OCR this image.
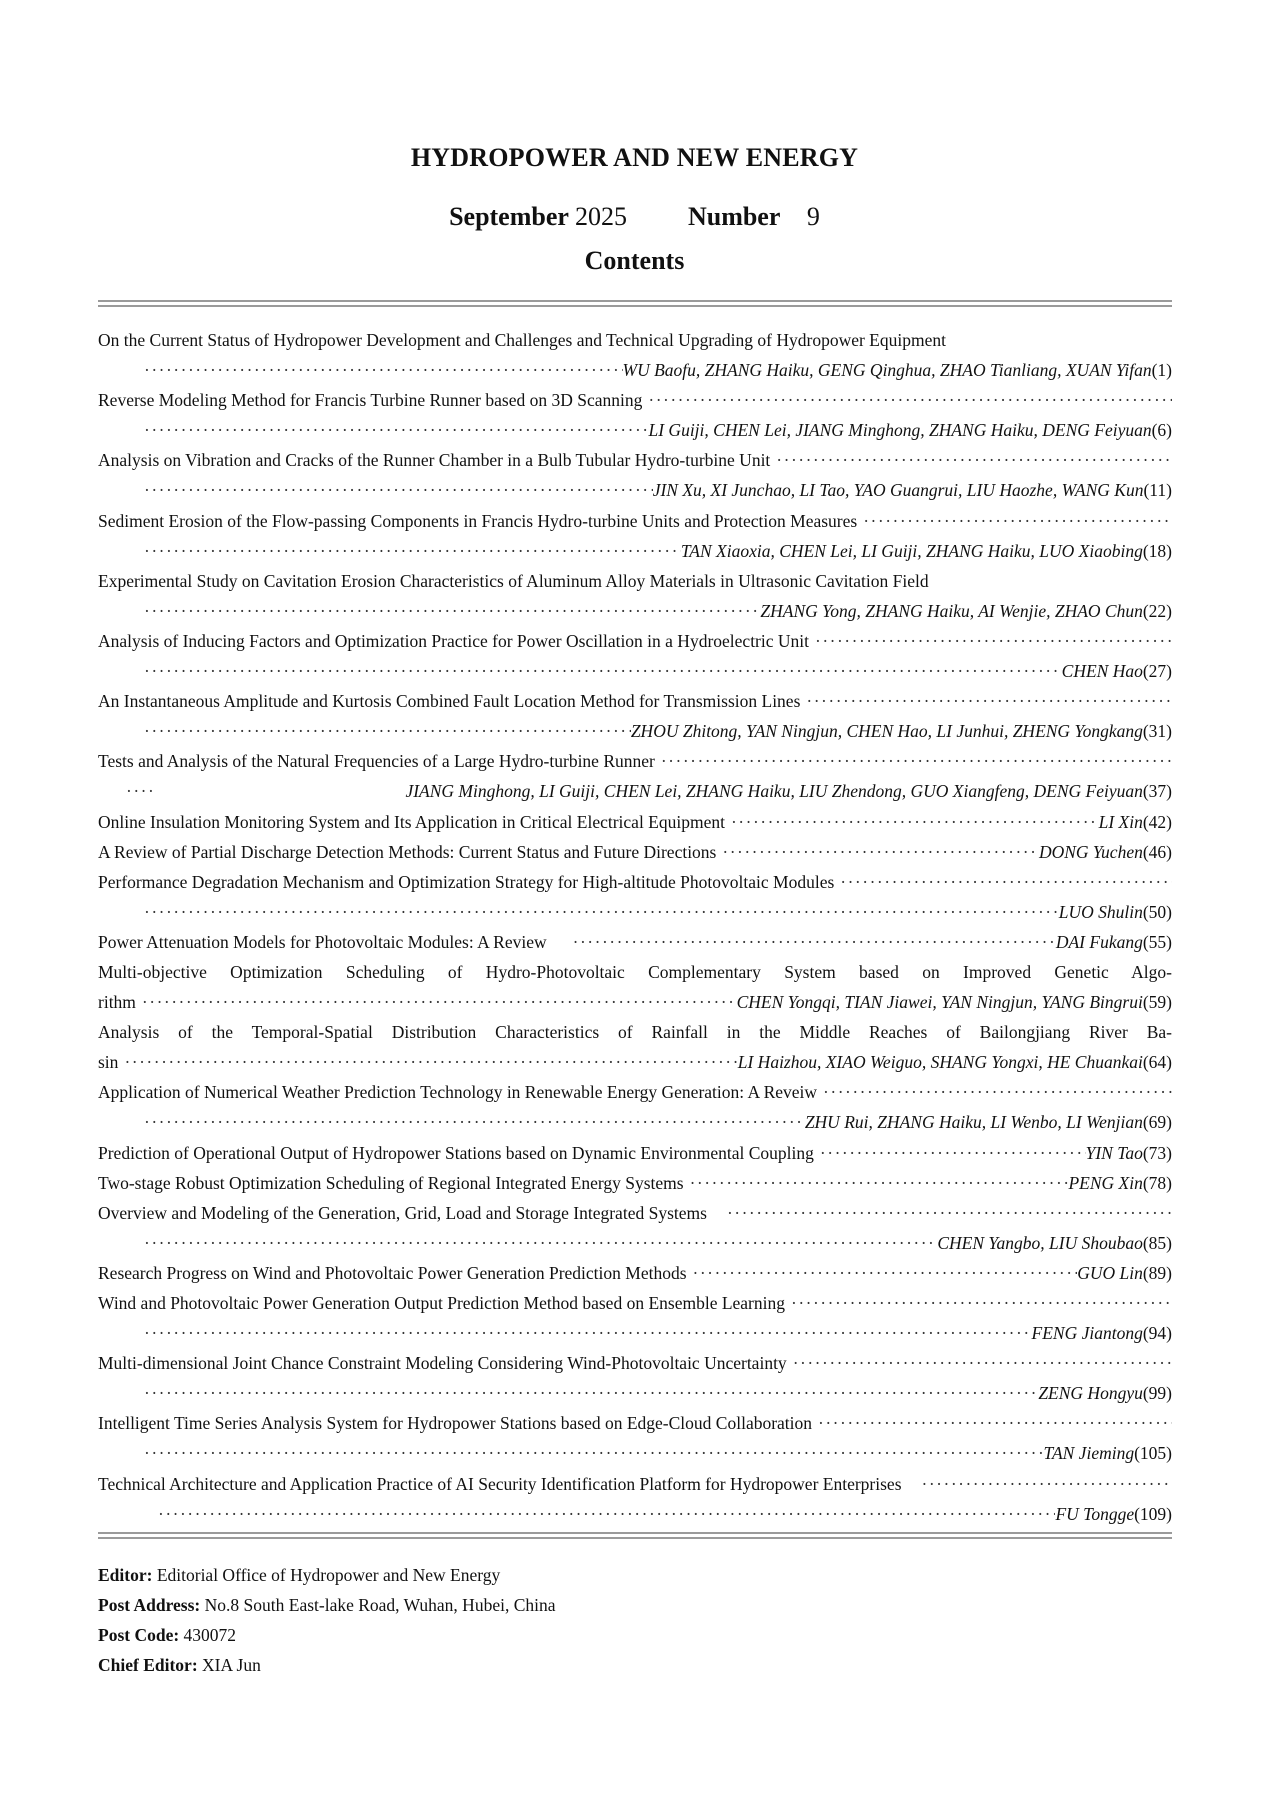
HYDROPOWER AND NEW ENERGY
September 2025 Number 9
Contents
On the Current Status of Hydropower Development and Challenges and Technical Upgrading of Hydropower Equipment
·····
WU Baofu, ZHANG Haiku, GENG Qinghua, ZHAO Tianliang, XUAN Yifan (1)
Reverse Modeling Method for Francis Turbine Runner based on 3D Scanning
·····
·····
LI Guiji, CHEN Lei, JIANG Minghong, ZHANG Haiku, DENG Feiyuan (6)
Analysis on Vibration and Cracks of the Runner Chamber in a Bulb Tubular Hydro-turbine Unit
·····
·····
JIN Xu, XI Junchao, LI Tao, YAO Guangrui, LIU Haozhe, WANG Kun (11)
Sediment Erosion of the Flow-passing Components in Francis Hydro-turbine Units and Protection Measures
·····
·····
TAN Xiaoxia, CHEN Lei, LI Guiji, ZHANG Haiku, LUO Xiaobing (18)
Experimental Study on Cavitation Erosion Characteristics of Aluminum Alloy Materials in Ultrasonic Cavitation Field
·····
ZHANG Yong, ZHANG Haiku, AI Wenjie, ZHAO Chun (22)
Analysis of Inducing Factors and Optimization Practice for Power Oscillation in a Hydroelectric Unit
·····
·····
CHEN Hao (27)
An Instantaneous Amplitude and Kurtosis Combined Fault Location Method for Transmission Lines
·····
·····
ZHOU Zhitong, YAN Ningjun, CHEN Hao, LI Junhui, ZHENG Yongkang (31)
Tests and Analysis of the Natural Frequencies of a Large Hydro-turbine Runner
·····
·····
JIANG Minghong, LI Guiji, CHEN Lei, ZHANG Haiku, LIU Zhendong, GUO Xiangfeng, DENG Feiyuan (37)
Online Insulation Monitoring System and Its Application in Critical Electrical Equipment ·····	LI Xin (42)
A Review of Partial Discharge Detection Methods: Current Status and Future Directions ·····	DONG Yuchen (46)
Performance Degradation Mechanism and Optimization Strategy for High-altitude Photovoltaic Modules
·····
·····
LUO Shulin (50)
Power Attenuation Models for Photovoltaic Modules: A Review ·····	DAI Fukang (55)
Multi-objective Optimization Scheduling of Hydro-Photovoltaic Complementary System based on Improved Genetic Algo-
rithm ·····	CHEN Yongqi, TIAN Jiawei, YAN Ningjun, YANG Bingrui (59)
Analysis of the Temporal-Spatial Distribution Characteristics of Rainfall in the Middle Reaches of Bailongjiang River Ba-
sin ·····	LI Haizhou, XIAO Weiguo, SHANG Yongxi, HE Chuankai (64)
Application of Numerical Weather Prediction Technology in Renewable Energy Generation: A Reveiw
·····
·····
ZHU Rui, ZHANG Haiku, LI Wenbo, LI Wenjian (69)
Prediction of Operational Output of Hydropower Stations based on Dynamic Environmental Coupling ·····	YIN Tao (73)
Two-stage Robust Optimization Scheduling of Regional Integrated Energy Systems ·····	PENG Xin (78)
Overview and Modeling of the Generation, Grid, Load and Storage Integrated Systems
·····
·····
CHEN Yangbo, LIU Shoubao (85)
Research Progress on Wind and Photovoltaic Power Generation Prediction Methods ·····	GUO Lin (89)
Wind and Photovoltaic Power Generation Output Prediction Method based on Ensemble Learning
·····
·····
FENG Jiantong (94)
Multi-dimensional Joint Chance Constraint Modeling Considering Wind-Photovoltaic Uncertainty
·····
·····
ZENG Hongyu (99)
Intelligent Time Series Analysis System for Hydropower Stations based on Edge-Cloud Collaboration
·····
·····
TAN Jieming (105)
Technical Architecture and Application Practice of AI Security Identification Platform for Hydropower Enterprises
·····
·····
FU Tongge (109)
Editor: Editorial Office of Hydropower and New Energy
Post Address: No.8 South East-lake Road, Wuhan, Hubei, China
Post Code: 430072
Chief Editor: XIA Jun
